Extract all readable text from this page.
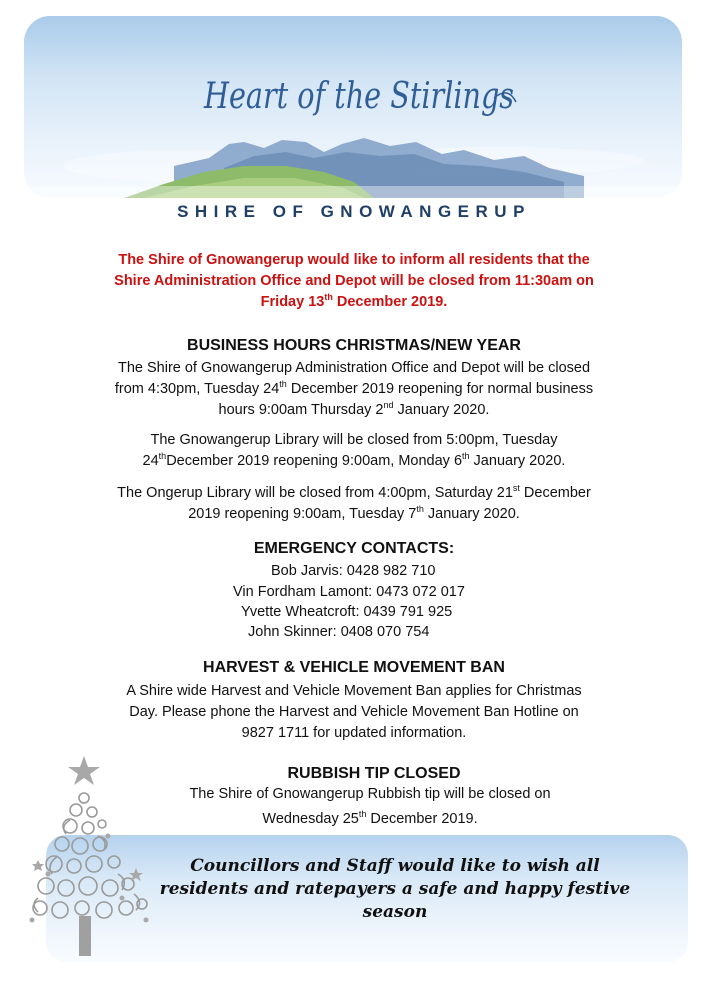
Heart of the Stirlings
SHIRE OF GNOWANGERUP
The Shire of Gnowangerup would like to inform all residents that the
Shire Administration Office and Depot will be closed from 11:30am on
Friday 13th December 2019.
BUSINESS HOURS CHRISTMAS/NEW YEAR
The Shire of Gnowangerup Administration Office and Depot will be closed
from 4:30pm, Tuesday 24th December 2019 reopening for normal business
hours 9:00am Thursday 2nd January 2020.
The Gnowangerup Library will be closed from 5:00pm, Tuesday
24thDecember 2019 reopening 9:00am, Monday 6th January 2020.
The Ongerup Library will be closed from 4:00pm, Saturday 21st December
2019 reopening 9:00am, Tuesday 7th January 2020.
EMERGENCY CONTACTS:
Bob Jarvis: 0428 982 710
Vin Fordham Lamont: 0473 072 017
Yvette Wheatcroft: 0439 791 925
John Skinner: 0408 070 754
HARVEST & VEHICLE MOVEMENT BAN
A Shire wide Harvest and Vehicle Movement Ban applies for Christmas
Day. Please phone the Harvest and Vehicle Movement Ban Hotline on
9827 1711 for updated information.
RUBBISH TIP CLOSED
The Shire of Gnowangerup Rubbish tip will be closed on
Wednesday 25th December 2019.
Councillors and Staff would like to wish all
residents and ratepayers a safe and happy festive
season
